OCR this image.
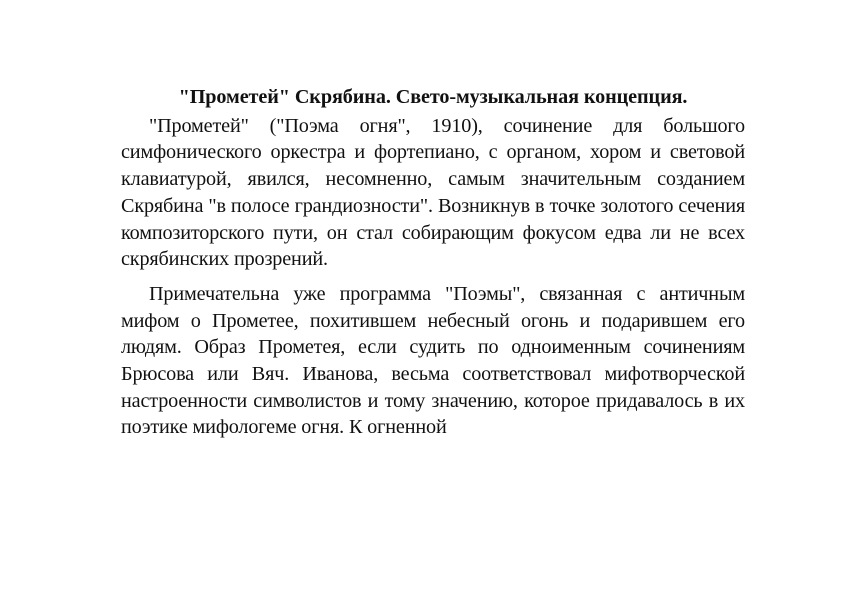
"Прометей" Скрябина. Свето-музыкальная концепция.

"Прометей" ("Поэма огня", 1910), сочинение для большого симфонического оркестра и фортепиано, с органом, хором и световой клавиатурой, явился, несомненно, самым значительным созданием Скрябина "в полосе грандиозности". Возникнув в точке золотого сечения композиторского пути, он стал собирающим фокусом едва ли не всех скрябинских прозрений.

Примечательна уже программа "Поэмы", связанная с античным мифом о Прометее, похитившем небесный огонь и подарившем его людям. Образ Прометея, если судить по одноименным сочинениям Брюсова или Вяч. Иванова, весьма соответствовал мифотворческой настроенности символистов и тому значению, которое придавалось в их поэтике мифологеме огня. К огненной
